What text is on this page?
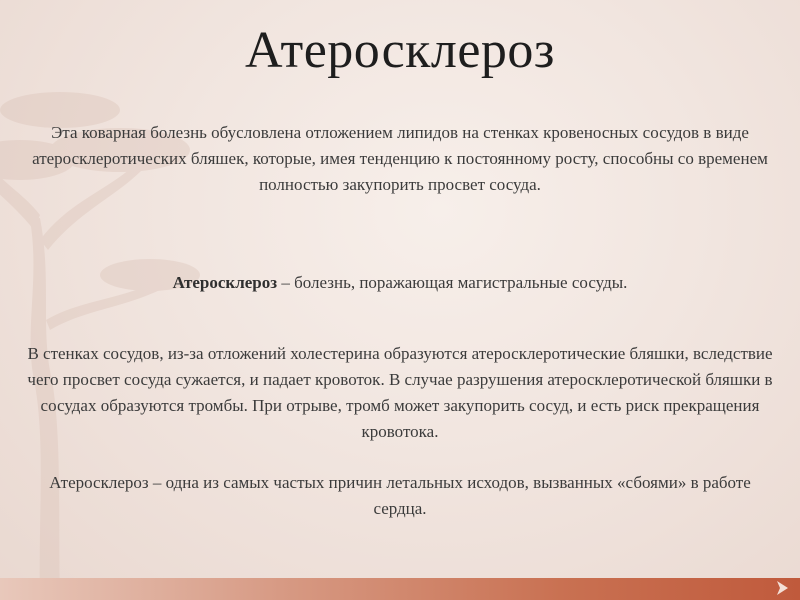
Атеросклероз

Эта коварная болезнь обусловлена отложением липидов на стенках кровеносных сосудов в виде атеросклеротических бляшек, которые, имея тенденцию к постоянному росту, способны со временем полностью закупорить просвет сосуда.

Атеросклероз – болезнь, поражающая магистральные сосуды.

В стенках сосудов, из-за отложений холестерина образуются атеросклеротические бляшки, вследствие чего просвет сосуда сужается, и падает кровоток. В случае разрушения атеросклеротической бляшки в сосудах образуются тромбы. При отрыве, тромб может закупорить сосуд, и есть риск прекращения кровотока.

Атеросклероз – одна из самых частых причин летальных исходов, вызванных «сбоями» в работе сердца.
